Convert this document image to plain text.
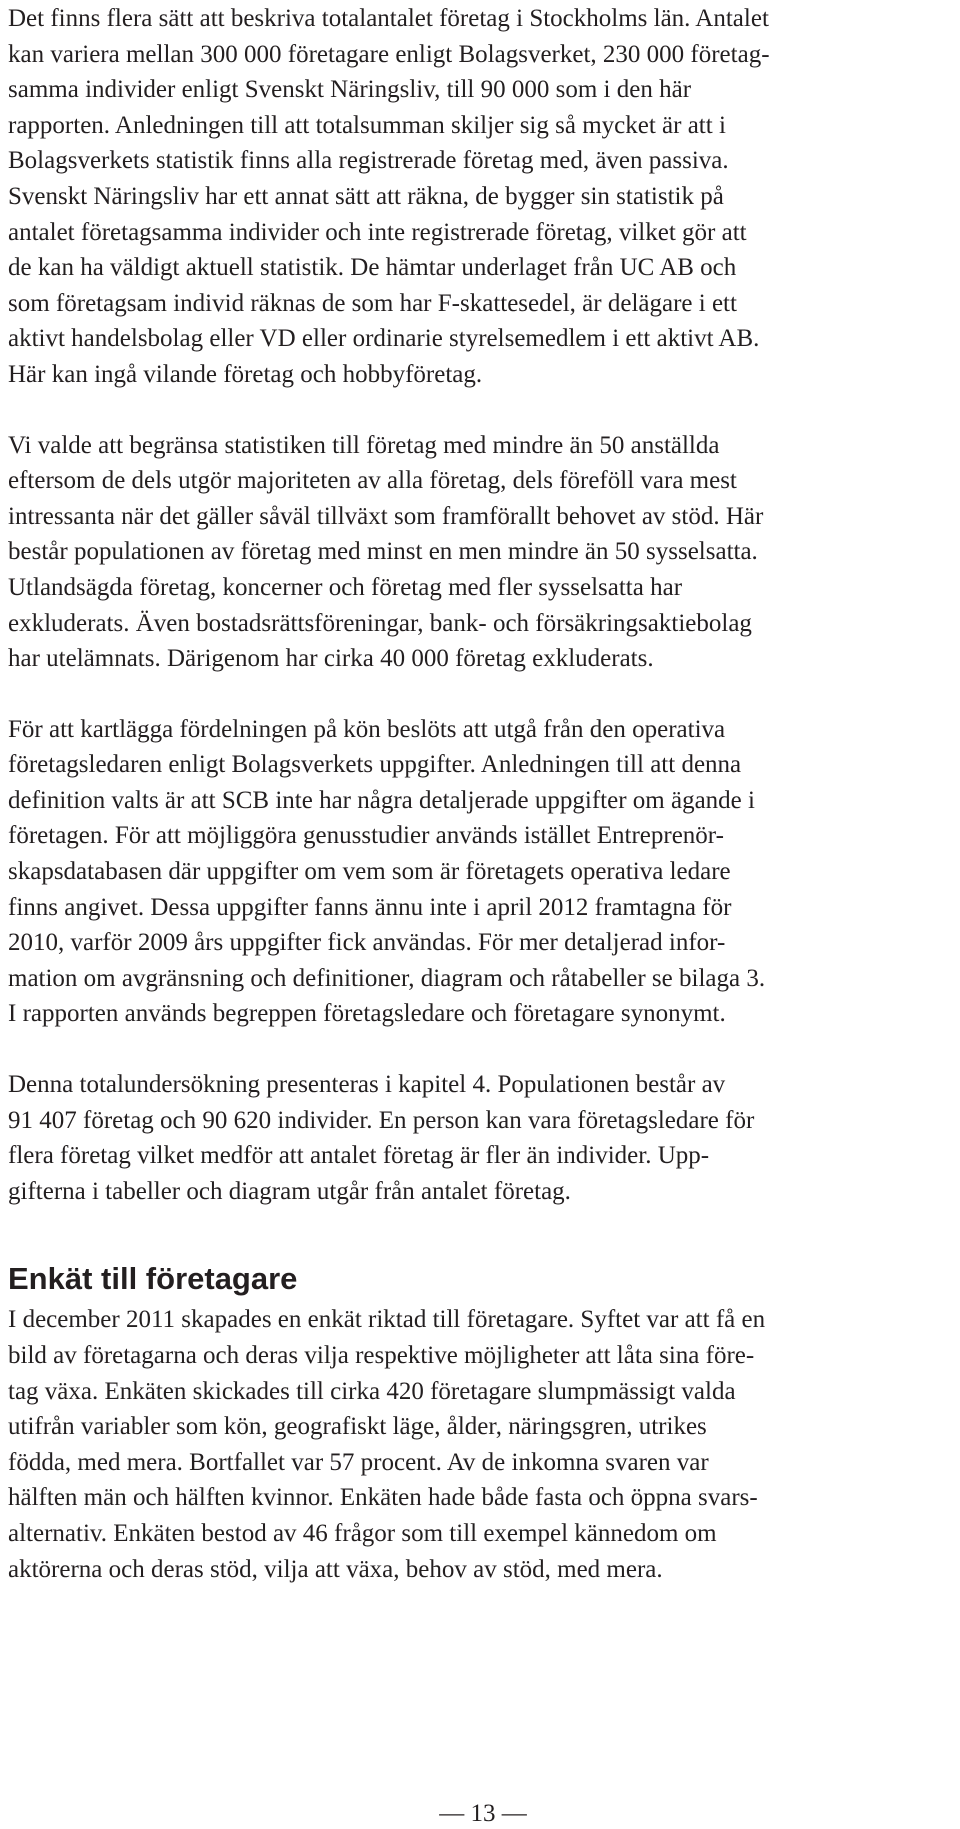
Det finns flera sätt att beskriva totalantalet företag i Stockholms län. Antalet
kan variera mellan 300 000 företagare enligt Bolagsverket, 230 000 företag-
samma individer enligt Svenskt Näringsliv, till 90 000 som i den här
rapporten. Anledningen till att totalsumman skiljer sig så mycket är att i
Bolagsverkets statistik finns alla registrerade företag med, även passiva.
Svenskt Näringsliv har ett annat sätt att räkna, de bygger sin statistik på
antalet företagsamma individer och inte registrerade företag, vilket gör att
de kan ha väldigt aktuell statistik. De hämtar underlaget från UC AB och
som företagsam individ räknas de som har F-skattesedel, är delägare i ett
aktivt handelsbolag eller VD eller ordinarie styrelsemedlem i ett aktivt AB.
Här kan ingå vilande företag och hobbyföretag.

Vi valde att begränsa statistiken till företag med mindre än 50 anställda
eftersom de dels utgör majoriteten av alla företag, dels föreföll vara mest
intressanta när det gäller såväl tillväxt som framförallt behovet av stöd. Här
består populationen av företag med minst en men mindre än 50 sysselsatta.
Utlandsägda företag, koncerner och företag med fler sysselsatta har
exkluderats. Även bostadsrättsföreningar, bank- och försäkringsaktiebolag
har utelämnats. Därigenom har cirka 40 000 företag exkluderats.

För att kartlägga fördelningen på kön beslöts att utgå från den operativa
företagsledaren enligt Bolagsverkets uppgifter. Anledningen till att denna
definition valts är att SCB inte har några detaljerade uppgifter om ägande i
företagen. För att möjliggöra genusstudier används istället Entreprenör-
skapsdatabasen där uppgifter om vem som är företagets operativa ledare
finns angivet. Dessa uppgifter fanns ännu inte i april 2012 framtagna för
2010, varför 2009 års uppgifter fick användas. För mer detaljerad infor-
mation om avgränsning och definitioner, diagram och råtabeller se bilaga 3.
I rapporten används begreppen företagsledare och företagare synonymt.

Denna totalundersökning presenteras i kapitel 4. Populationen består av
91 407 företag och 90 620 individer. En person kan vara företagsledare för
flera företag vilket medför att antalet företag är fler än individer. Upp-
gifterna i tabeller och diagram utgår från antalet företag.

Enkät till företagare

I december 2011 skapades en enkät riktad till företagare. Syftet var att få en
bild av företagarna och deras vilja respektive möjligheter att låta sina före-
tag växa. Enkäten skickades till cirka 420 företagare slumpmässigt valda
utifrån variabler som kön, geografiskt läge, ålder, näringsgren, utrikes
födda, med mera. Bortfallet var 57 procent. Av de inkomna svaren var
hälften män och hälften kvinnor. Enkäten hade både fasta och öppna svars-
alternativ. Enkäten bestod av 46 frågor som till exempel kännedom om
aktörerna och deras stöd, vilja att växa, behov av stöd, med mera.

— 13 —
